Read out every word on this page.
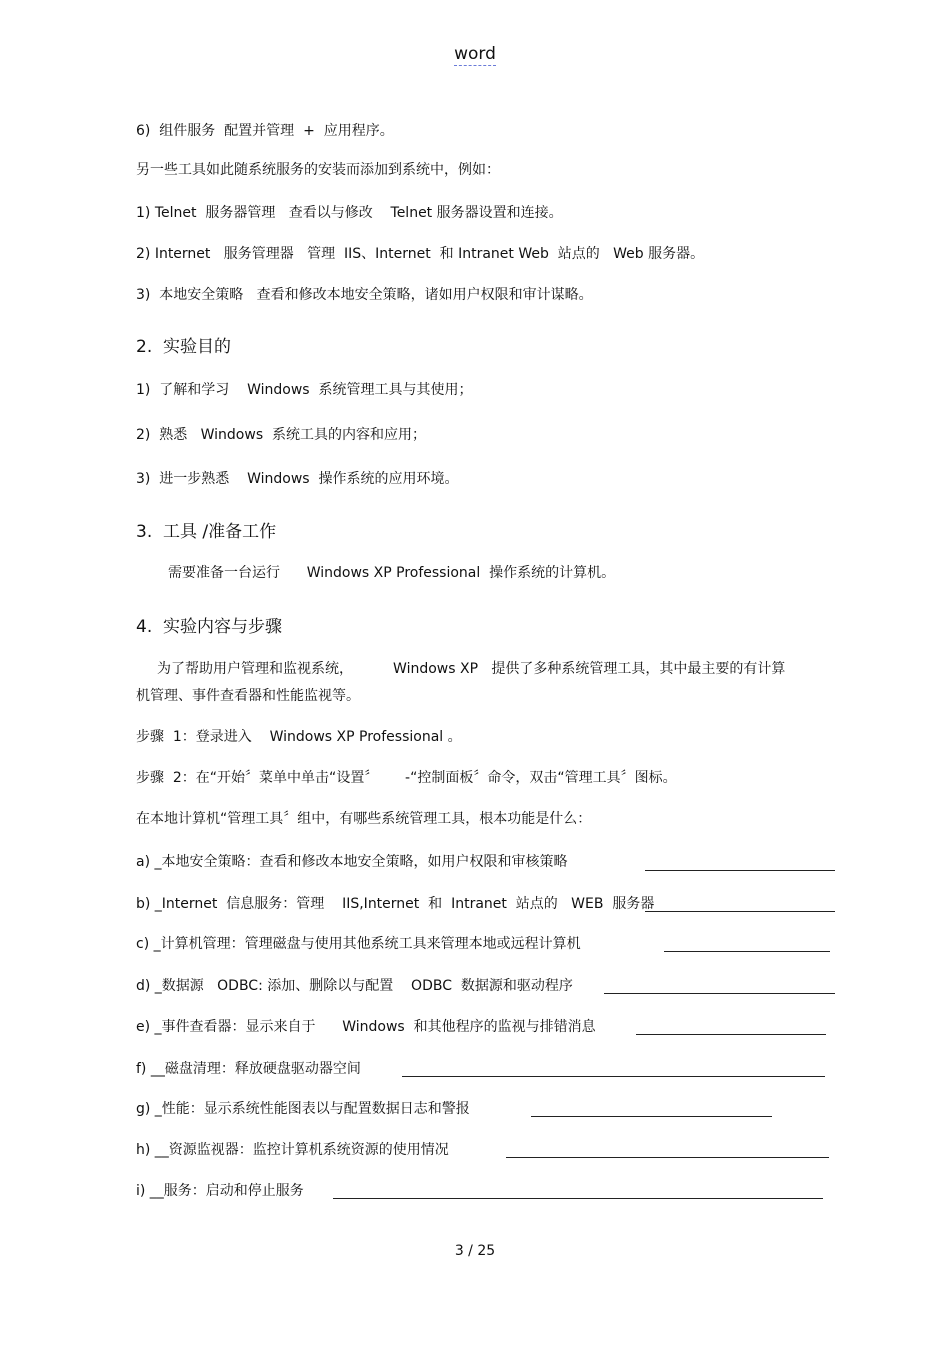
word
6)  组件服务  配置并管理  +  应用程序。
另一些工具如此随系统服务的安装而添加到系统中，例如：
1) Telnet  服务器管理   查看以与修改    Telnet 服务器设置和连接。
2) Internet   服务管理器   管理  IIS、Internet  和 Intranet Web  站点的   Web 服务器。
3)  本地安全策略   查看和修改本地安全策略，诸如用户权限和审计谋略。
2.  实验目的
1)  了解和学习    Windows  系统管理工具与其使用；
2)  熟悉   Windows  系统工具的内容和应用；
3)  进一步熟悉    Windows  操作系统的应用环境。
3.  工具 /准备工作
需要准备一台运行      Windows XP Professional  操作系统的计算机。
4.  实验内容与步骤
为了帮助用户管理和监视系统，         Windows XP   提供了多种系统管理工具，其中最主要的有计算
机管理、事件查看器和性能监视等。
步骤  1：登录进入    Windows XP Professional 。
步骤  2：在“开始〞菜单中单击“设置〞      -“控制面板〞命令，双击“管理工具〞图标。
在本地计算机“管理工具〞组中，有哪些系统管理工具，根本功能是什么：
a) _本地安全策略：查看和修改本地安全策略，如用户权限和审核策略
b) _Internet  信息服务：管理    IIS,Internet  和  Intranet  站点的   WEB  服务器
c) _计算机管理：管理磁盘与使用其他系统工具来管理本地或远程计算机
d) _数据源   ODBC: 添加、删除以与配置    ODBC  数据源和驱动程序
e) _事件查看器：显示来自于      Windows  和其他程序的监视与排错消息
f) __磁盘清理：释放硬盘驱动器空间
g) _性能：显示系统性能图表以与配置数据日志和警报
h) __资源监视器：监控计算机系统资源的使用情况
i) __服务：启动和停止服务
3 / 25
